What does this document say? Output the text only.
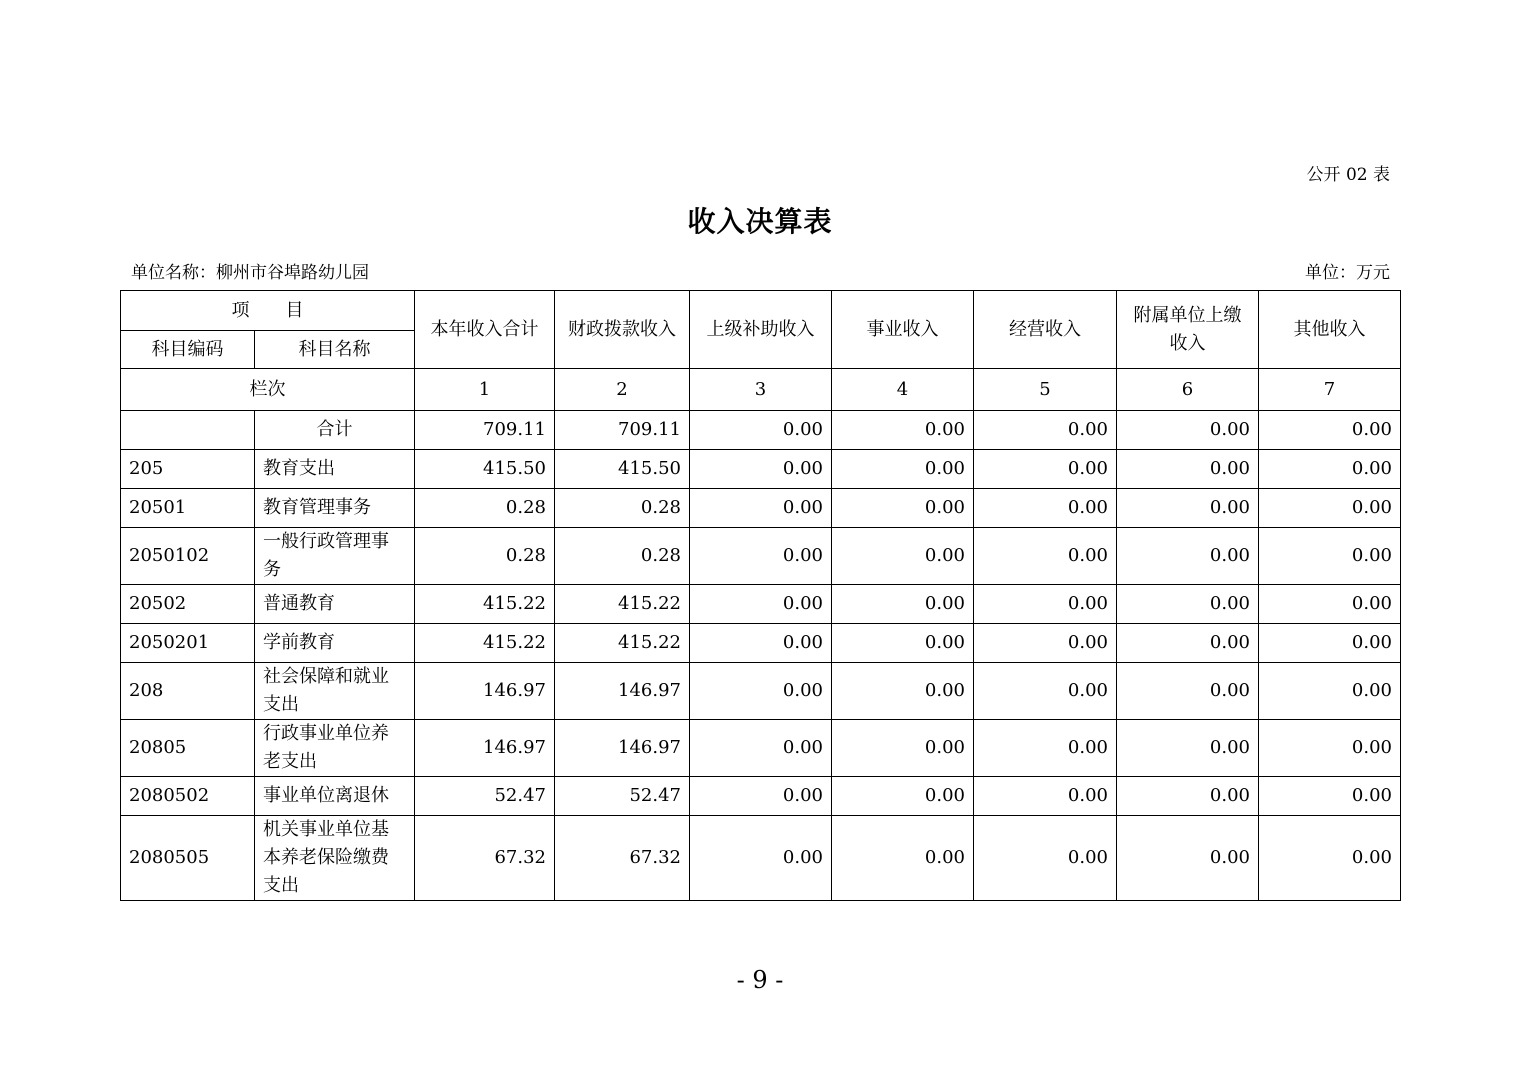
公开 02 表
收入决算表
单位名称：柳州市谷埠路幼儿园	单位：万元
项　　目		本年收入合计	财政拨款收入	上级补助收入	事业收入	经营收入	附属单位上缴收入	其他收入
科目编码	科目名称							
栏次		1	2	3	4	5	6	7
	合计	709.11	709.11	0.00	0.00	0.00	0.00	0.00
205	教育支出	415.50	415.50	0.00	0.00	0.00	0.00	0.00
20501	教育管理事务	0.28	0.28	0.00	0.00	0.00	0.00	0.00
2050102	一般行政管理事务	0.28	0.28	0.00	0.00	0.00	0.00	0.00
20502	普通教育	415.22	415.22	0.00	0.00	0.00	0.00	0.00
2050201	学前教育	415.22	415.22	0.00	0.00	0.00	0.00	0.00
208	社会保障和就业支出	146.97	146.97	0.00	0.00	0.00	0.00	0.00
20805	行政事业单位养老支出	146.97	146.97	0.00	0.00	0.00	0.00	0.00
2080502	事业单位离退休	52.47	52.47	0.00	0.00	0.00	0.00	0.00
2080505	机关事业单位基本养老保险缴费支出	67.32	67.32	0.00	0.00	0.00	0.00	0.00
- 9 -
